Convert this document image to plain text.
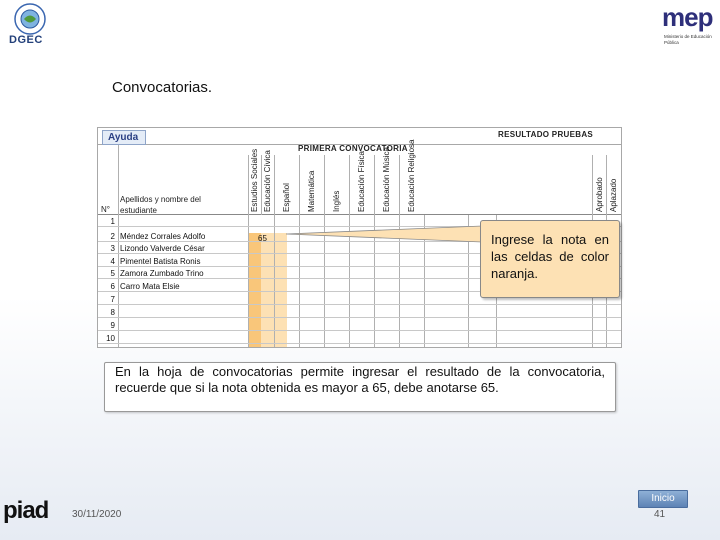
DGEC
mep
Ministerio de Educación Pública
Convocatorias.
Ayuda	RESULTADO PRUEBAS
PRIMERA CONVOCATORIA
Estudios Sociales Educación Cívica Español Matemática Inglés Educación Física Educación Música Educación Religiosa	Aprobado Aplazado
N°
Apellidos y nombre del estudiante
65
1
2 Méndez Corrales Adolfo
3 Lizondo Valverde César
4 Pimentel Batista Ronis
5 Zamora Zumbado Trino
6 Carro Mata Elsie
7
8
9
10
Ingrese la nota en las celdas de color naranja.
En la hoja de convocatorias permite ingresar el resultado de la convocatoria, recuerde que si la nota obtenida es mayor a 65, debe anotarse 65.
piad 30/11/2020
Inicio
41
